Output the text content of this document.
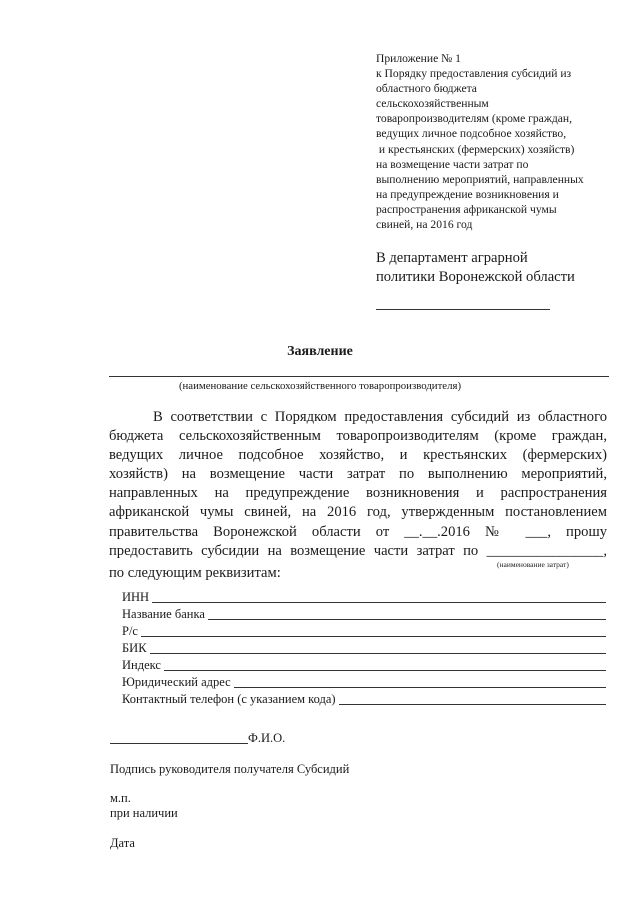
Приложение № 1
к Порядку предоставления субсидий из
областного бюджета
сельскохозяйственным
товаропроизводителям (кроме граждан,
ведущих личное подсобное хозяйство,
и крестьянских (фермерских) хозяйств)
на возмещение части затрат по
выполнению мероприятий, направленных
на предупреждение возникновения и
распространения африканской чумы
свиней, на 2016 год
В департамент аграрной
политики Воронежской области
Заявление
(наименование сельскохозяйственного товаропроизводителя)
В соответствии с Порядком предоставления субсидий из областного
бюджета сельскохозяйственным товаропроизводителям (кроме граждан,
ведущих личное подсобное хозяйство, и крестьянских (фермерских)
хозяйств) на возмещение части затрат по выполнению мероприятий,
направленных на предупреждение возникновения и распространения
африканской чумы свиней, на 2016 год, утвержденным постановлением
правительства Воронежской области от __.__.2016 № ___, прошу
предоставить субсидии на возмещение части затрат по ________________,
(наименование затрат)
по следующим реквизитам:
ИНН
Название банка
Р/с
БИК
Индекс
Юридический адрес
Контактный телефон (с указанием кода)
Ф.И.О.
Подпись руководителя получателя Субсидий
м.п.
при наличии
Дата
